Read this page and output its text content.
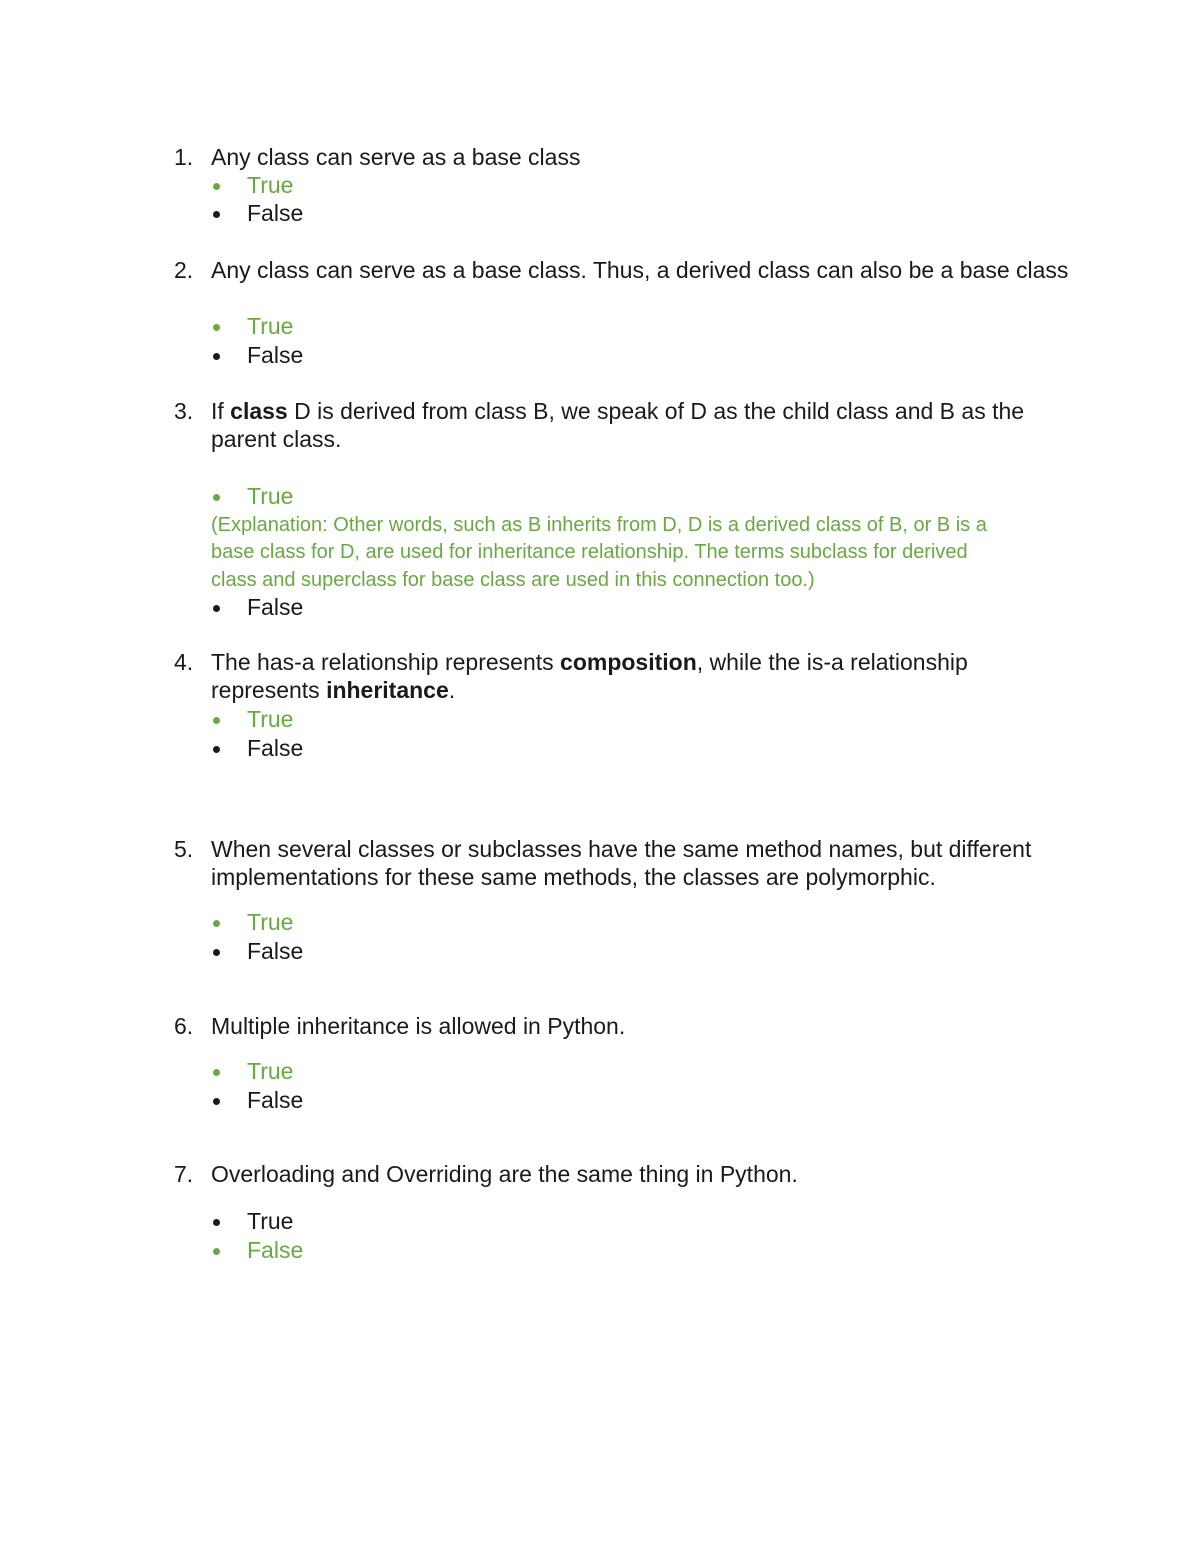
1. Any class can serve as a base class
True
False
2. Any class can serve as a base class. Thus, a derived class can also be a base class
True
False
3. If class D is derived from class B, we speak of D as the child class and B as the
parent class.
True
(Explanation: Other words, such as B inherits from D, D is a derived class of B, or B is a
base class for D, are used for inheritance relationship. The terms subclass for derived
class and superclass for base class are used in this connection too.)
False
4. The has-a relationship represents composition, while the is-a relationship
represents inheritance.
True
False
5. When several classes or subclasses have the same method names, but different
implementations for these same methods, the classes are polymorphic.
True
False
6. Multiple inheritance is allowed in Python.
True
False
7. Overloading and Overriding are the same thing in Python.
True
False
